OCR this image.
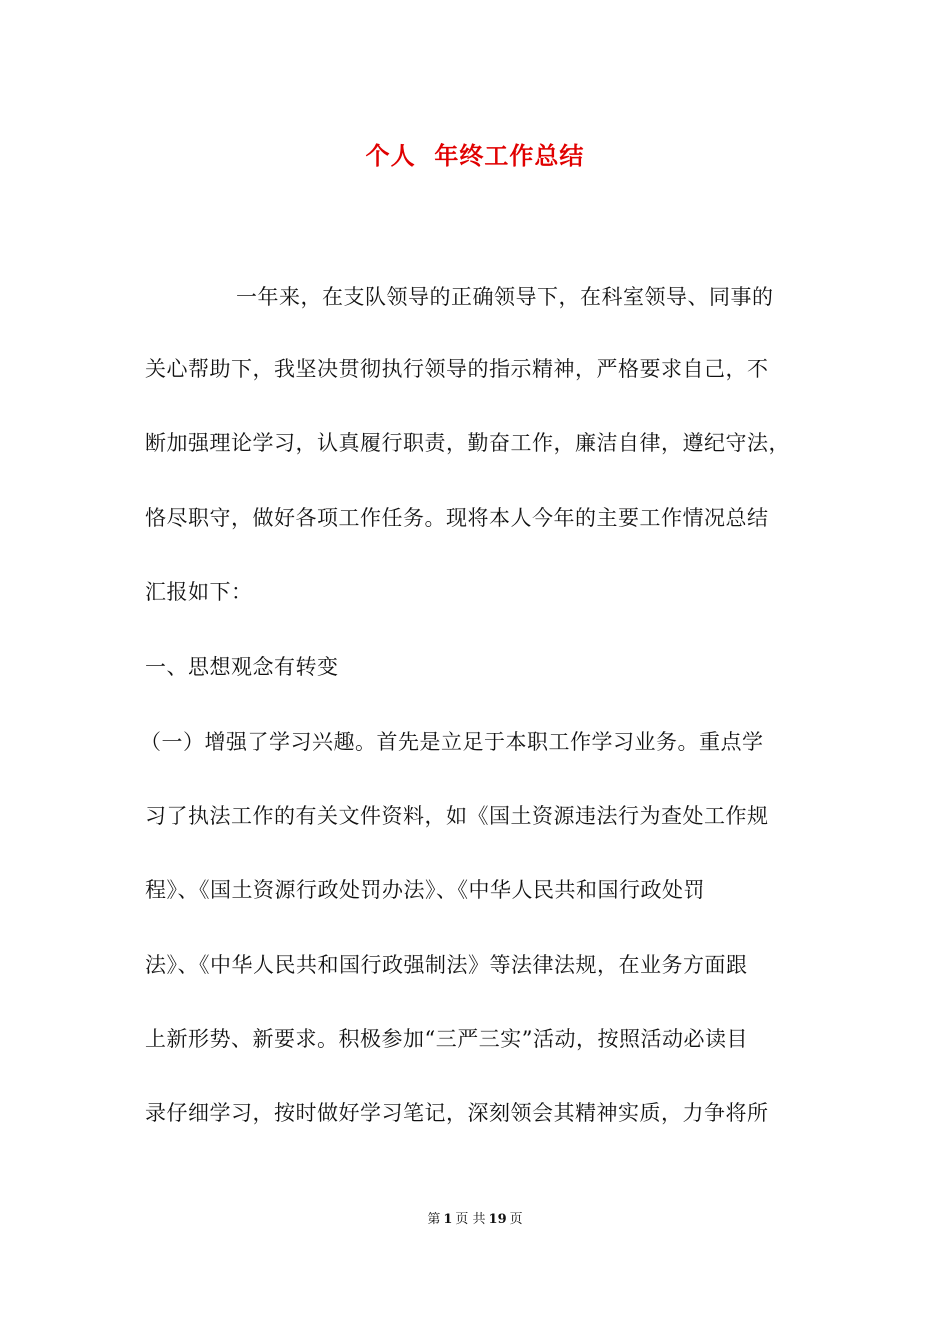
个人  年终工作总结
一年来，在支队领导的正确领导下，在科室领导、同事的
关心帮助下，我坚决贯彻执行领导的指示精神，严格要求自己，不
断加强理论学习，认真履行职责，勤奋工作，廉洁自律，遵纪守法，
恪尽职守，做好各项工作任务。现将本人今年的主要工作情况总结
汇报如下：
一、思想观念有转变
（一）增强了学习兴趣。首先是立足于本职工作学习业务。重点学
习了执法工作的有关文件资料，如《国土资源违法行为查处工作规
程》、《国土资源行政处罚办法》、《中华人民共和国行政处罚
法》、《中华人民共和国行政强制法》等法律法规，在业务方面跟
上新形势、新要求。积极参加“三严三实”活动，按照活动必读目
录仔细学习，按时做好学习笔记，深刻领会其精神实质，力争将所
第 1 页 共 19 页
